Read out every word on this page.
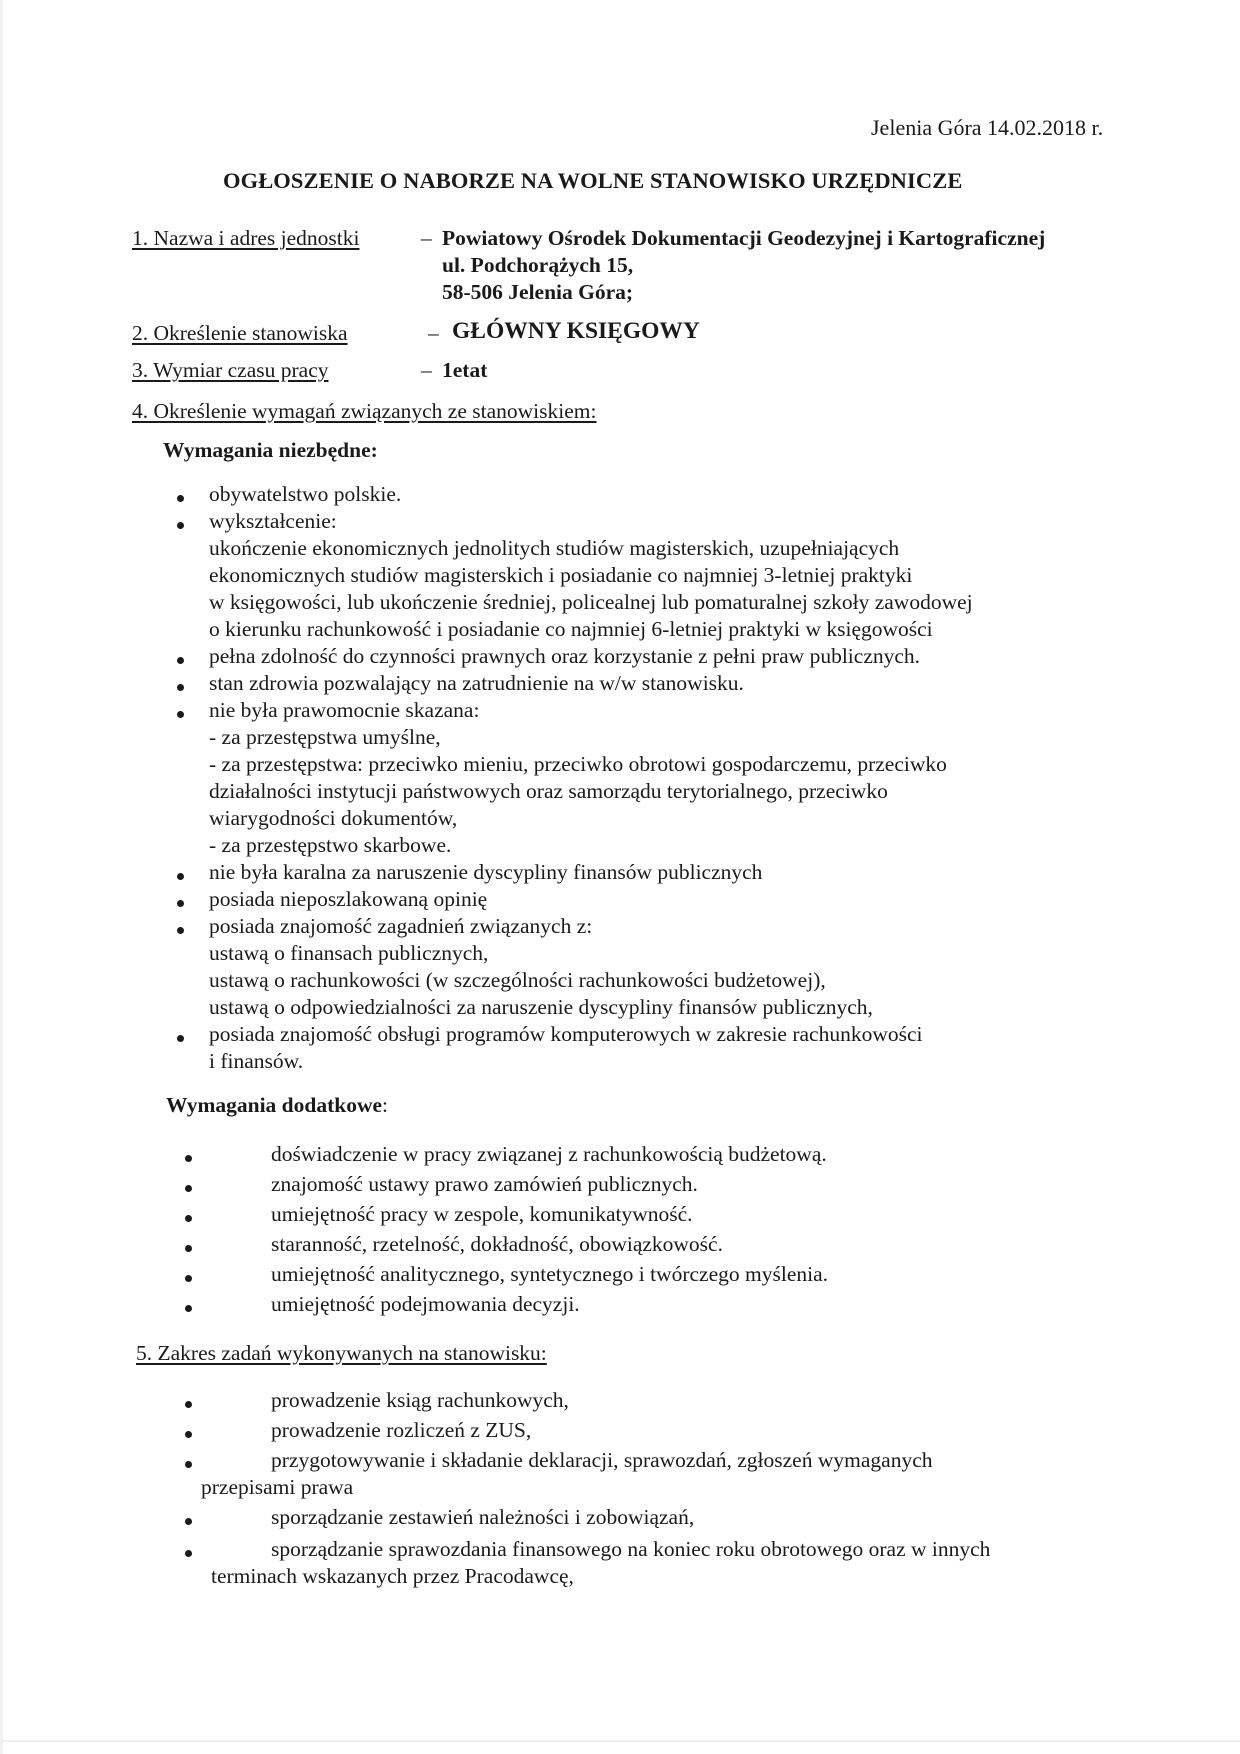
Jelenia Góra 14.02.2018 r.
OGŁOSZENIE O NABORZE NA WOLNE STANOWISKO URZĘDNICZE
1. Nazwa i adres jednostki	– Powiatowy Ośrodek Dokumentacji Geodezyjnej i Kartograficznej
ul. Podchorążych 15,
58-506 Jelenia Góra;
2. Określenie stanowiska	– GŁÓWNY KSIĘGOWY
3. Wymiar czasu pracy	– 1etat
4. Określenie wymagań związanych ze stanowiskiem:
Wymagania niezbędne:
obywatelstwo polskie.
wykształcenie:
ukończenie ekonomicznych jednolitych studiów magisterskich, uzupełniających
ekonomicznych studiów magisterskich i posiadanie co najmniej 3-letniej praktyki
w księgowości, lub ukończenie średniej, policealnej lub pomaturalnej szkoły zawodowej
o kierunku rachunkowość i posiadanie co najmniej 6-letniej praktyki w księgowości
pełna zdolność do czynności prawnych oraz korzystanie z pełni praw publicznych.
stan zdrowia pozwalający na zatrudnienie na w/w stanowisku.
nie była prawomocnie skazana:
- za przestępstwa umyślne,
- za przestępstwa: przeciwko mieniu, przeciwko obrotowi gospodarczemu, przeciwko
działalności instytucji państwowych oraz samorządu terytorialnego, przeciwko
wiarygodności dokumentów,
- za przestępstwo skarbowe.
nie była karalna za naruszenie dyscypliny finansów publicznych
posiada nieposzlakowaną opinię
posiada znajomość zagadnień związanych z:
ustawą o finansach publicznych,
ustawą o rachunkowości (w szczególności rachunkowości budżetowej),
ustawą o odpowiedzialności za naruszenie dyscypliny finansów publicznych,
posiada znajomość obsługi programów komputerowych w zakresie rachunkowości
i finansów.
Wymagania dodatkowe:
doświadczenie w pracy związanej z rachunkowością budżetową.
znajomość ustawy prawo zamówień publicznych.
umiejętność pracy w zespole, komunikatywność.
staranność, rzetelność, dokładność, obowiązkowość.
umiejętność analitycznego, syntetycznego i twórczego myślenia.
umiejętność podejmowania decyzji.
5. Zakres zadań wykonywanych na stanowisku:
prowadzenie ksiąg rachunkowych,
prowadzenie rozliczeń z ZUS,
przygotowywanie i składanie deklaracji, sprawozdań, zgłoszeń wymaganych
przepisami prawa
sporządzanie zestawień należności i zobowiązań,
sporządzanie sprawozdania finansowego na koniec roku obrotowego oraz w innych
terminach wskazanych przez Pracodawcę,
